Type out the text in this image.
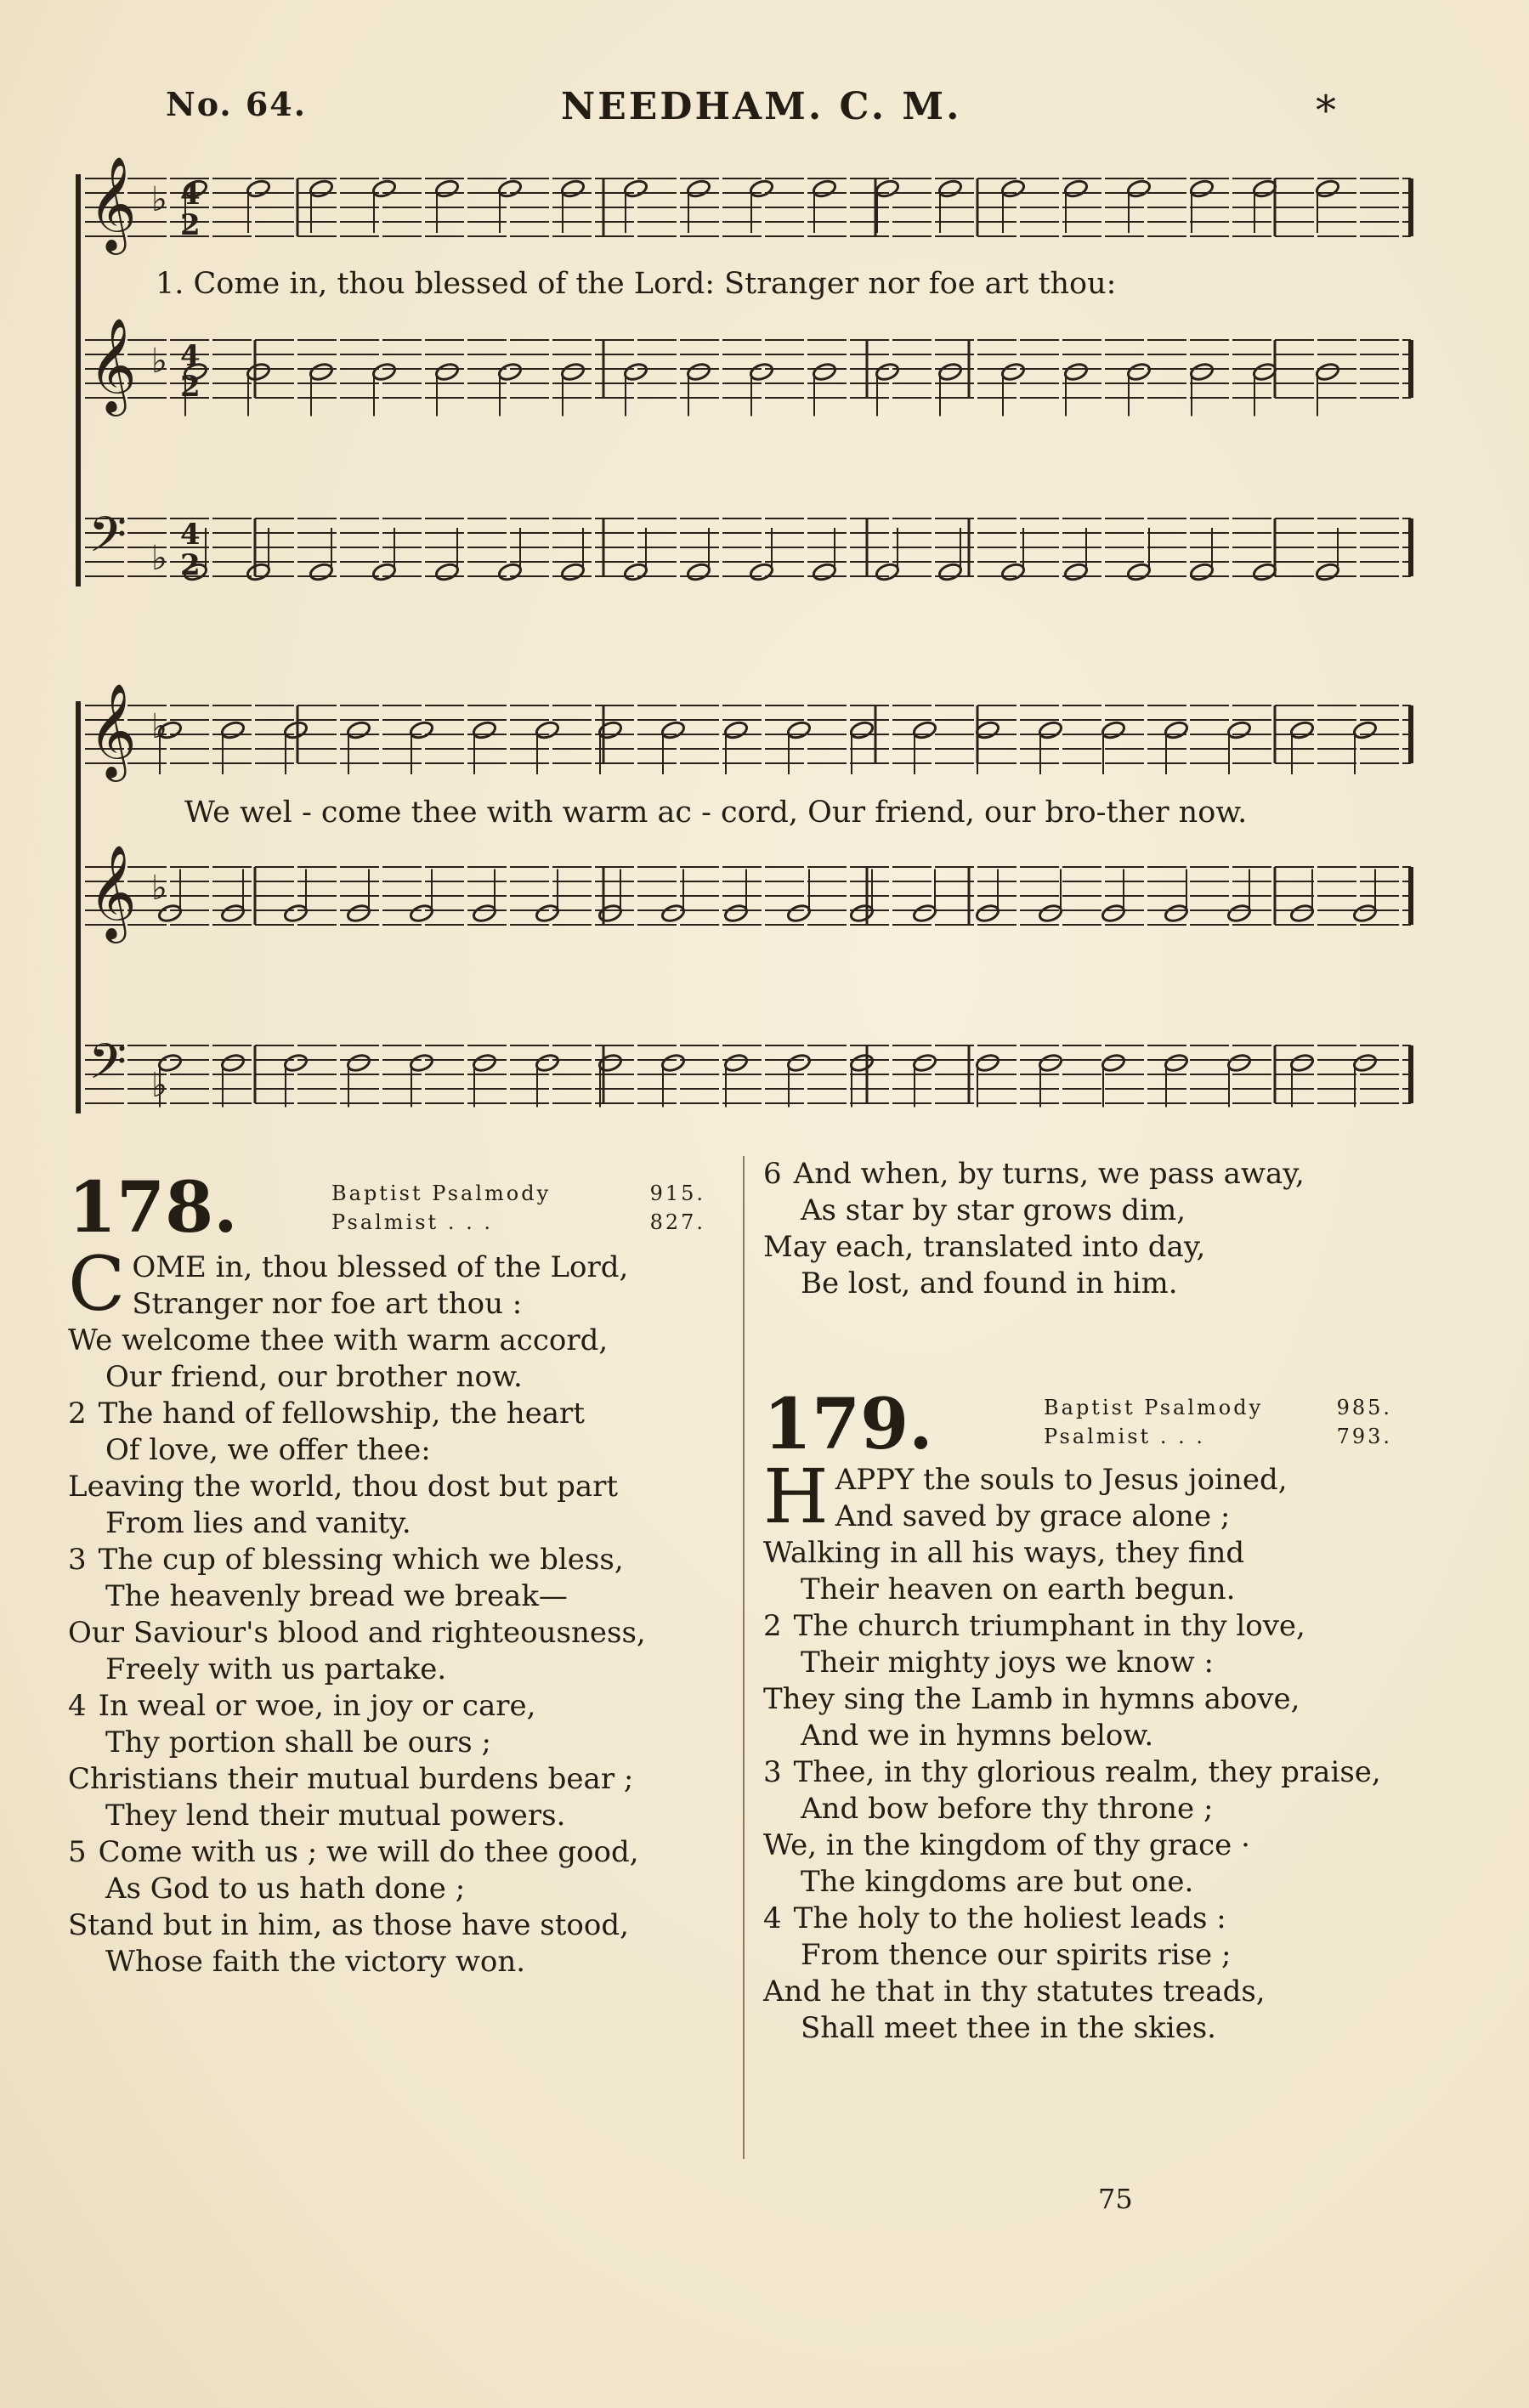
No. 64.	NEEDHAM. C. M.	*
𝄞 ♭ 4
2
𝄞 ♭ 4
2
𝄢 ♭
4
2
𝄞 ♭
𝄞 ♭
𝄢 ♭
1. Come in, thou blessed of the Lord: Stranger nor foe art thou:
We wel - come thee with warm ac - cord, Our friend, our bro-ther now.
178.	Baptist Psalmody	915.
Psalmist . . .	827.
C OME in, thou blessed of the Lord,
Stranger nor foe art thou :
We welcome thee with warm accord,
Our friend, our brother now.
2 The hand of fellowship, the heart
Of love, we offer thee:
Leaving the world, thou dost but part
From lies and vanity.
3 The cup of blessing which we bless,
The heavenly bread we break—
Our Saviour's blood and righteousness,
Freely with us partake.
4 In weal or woe, in joy or care,
Thy portion shall be ours ;
Christians their mutual burdens bear ;
They lend their mutual powers.
5 Come with us ; we will do thee good,
As God to us hath done ;
Stand but in him, as those have stood,
Whose faith the victory won.
6 And when, by turns, we pass away,
As star by star grows dim,
May each, translated into day,
Be lost, and found in him.
179.	Baptist Psalmody	985.
Psalmist . . .	793.
H APPY the souls to Jesus joined,
And saved by grace alone ;
Walking in all his ways, they find
Their heaven on earth begun.
2 The church triumphant in thy love,
Their mighty joys we know :
They sing the Lamb in hymns above,
And we in hymns below.
3 Thee, in thy glorious realm, they praise,
And bow before thy throne ;
We, in the kingdom of thy grace ·
The kingdoms are but one.
4 The holy to the holiest leads :
From thence our spirits rise ;
And he that in thy statutes treads,
Shall meet thee in the skies.
75
